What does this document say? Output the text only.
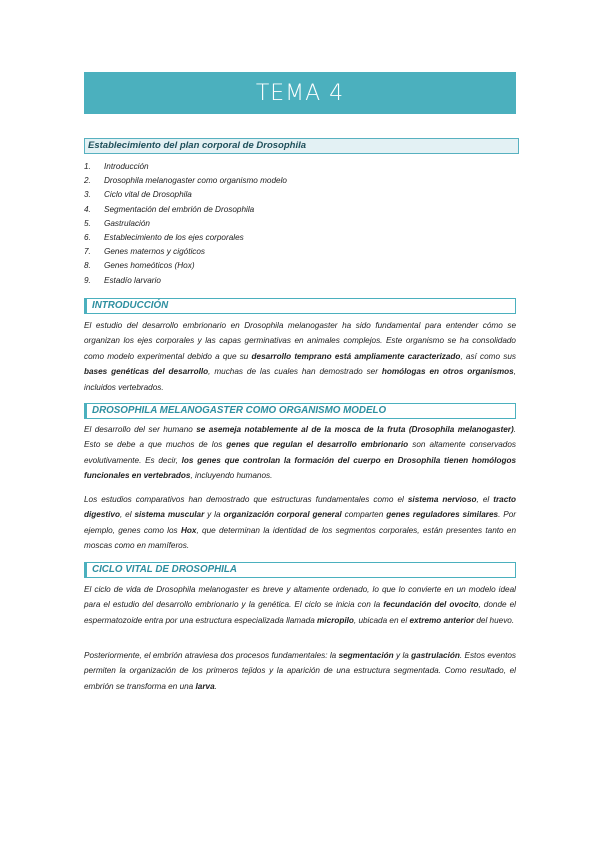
TEMA 4
Establecimiento del plan corporal de Drosophila
1.	Introducción
2.	Drosophila melanogaster como organismo modelo
3.	Ciclo vital de Drosophila
4.	Segmentación del embrión de Drosophila
5.	Gastrulación
6.	Establecimiento de los ejes corporales
7.	Genes maternos y cigóticos
8.	Genes homeóticos (Hox)
9.	Estadío larvario
INTRODUCCIÓN

El estudio del desarrollo embrionario en Drosophila melanogaster ha sido fundamental para entender cómo se organizan los ejes corporales y las capas germinativas en animales complejos. Este organismo se ha consolidado como modelo experimental debido a que su desarrollo temprano está ampliamente caracterizado, así como sus bases genéticas del desarrollo, muchas de las cuales han demostrado ser homólogas en otros organismos, incluidos vertebrados.

DROSOPHILA MELANOGASTER COMO ORGANISMO MODELO

El desarrollo del ser humano se asemeja notablemente al de la mosca de la fruta (Drosophila melanogaster). Esto se debe a que muchos de los genes que regulan el desarrollo embrionario son altamente conservados evolutivamente. Es decir, los genes que controlan la formación del cuerpo en Drosophila tienen homólogos funcionales en vertebrados, incluyendo humanos.

Los estudios comparativos han demostrado que estructuras fundamentales como el sistema nervioso, el tracto digestivo, el sistema muscular y la organización corporal general comparten genes reguladores similares. Por ejemplo, genes como los Hox, que determinan la identidad de los segmentos corporales, están presentes tanto en moscas como en mamíferos.

CICLO VITAL DE DROSOPHILA

El ciclo de vida de Drosophila melanogaster es breve y altamente ordenado, lo que lo convierte en un modelo ideal para el estudio del desarrollo embrionario y la genética. El ciclo se inicia con la fecundación del ovocito, donde el espermatozoide entra por una estructura especializada llamada micropilo, ubicada en el extremo anterior del huevo.

Posteriormente, el embrión atraviesa dos procesos fundamentales: la segmentación y la gastrulación. Estos eventos permiten la organización de los primeros tejidos y la aparición de una estructura segmentada. Como resultado, el embrión se transforma en una larva.
